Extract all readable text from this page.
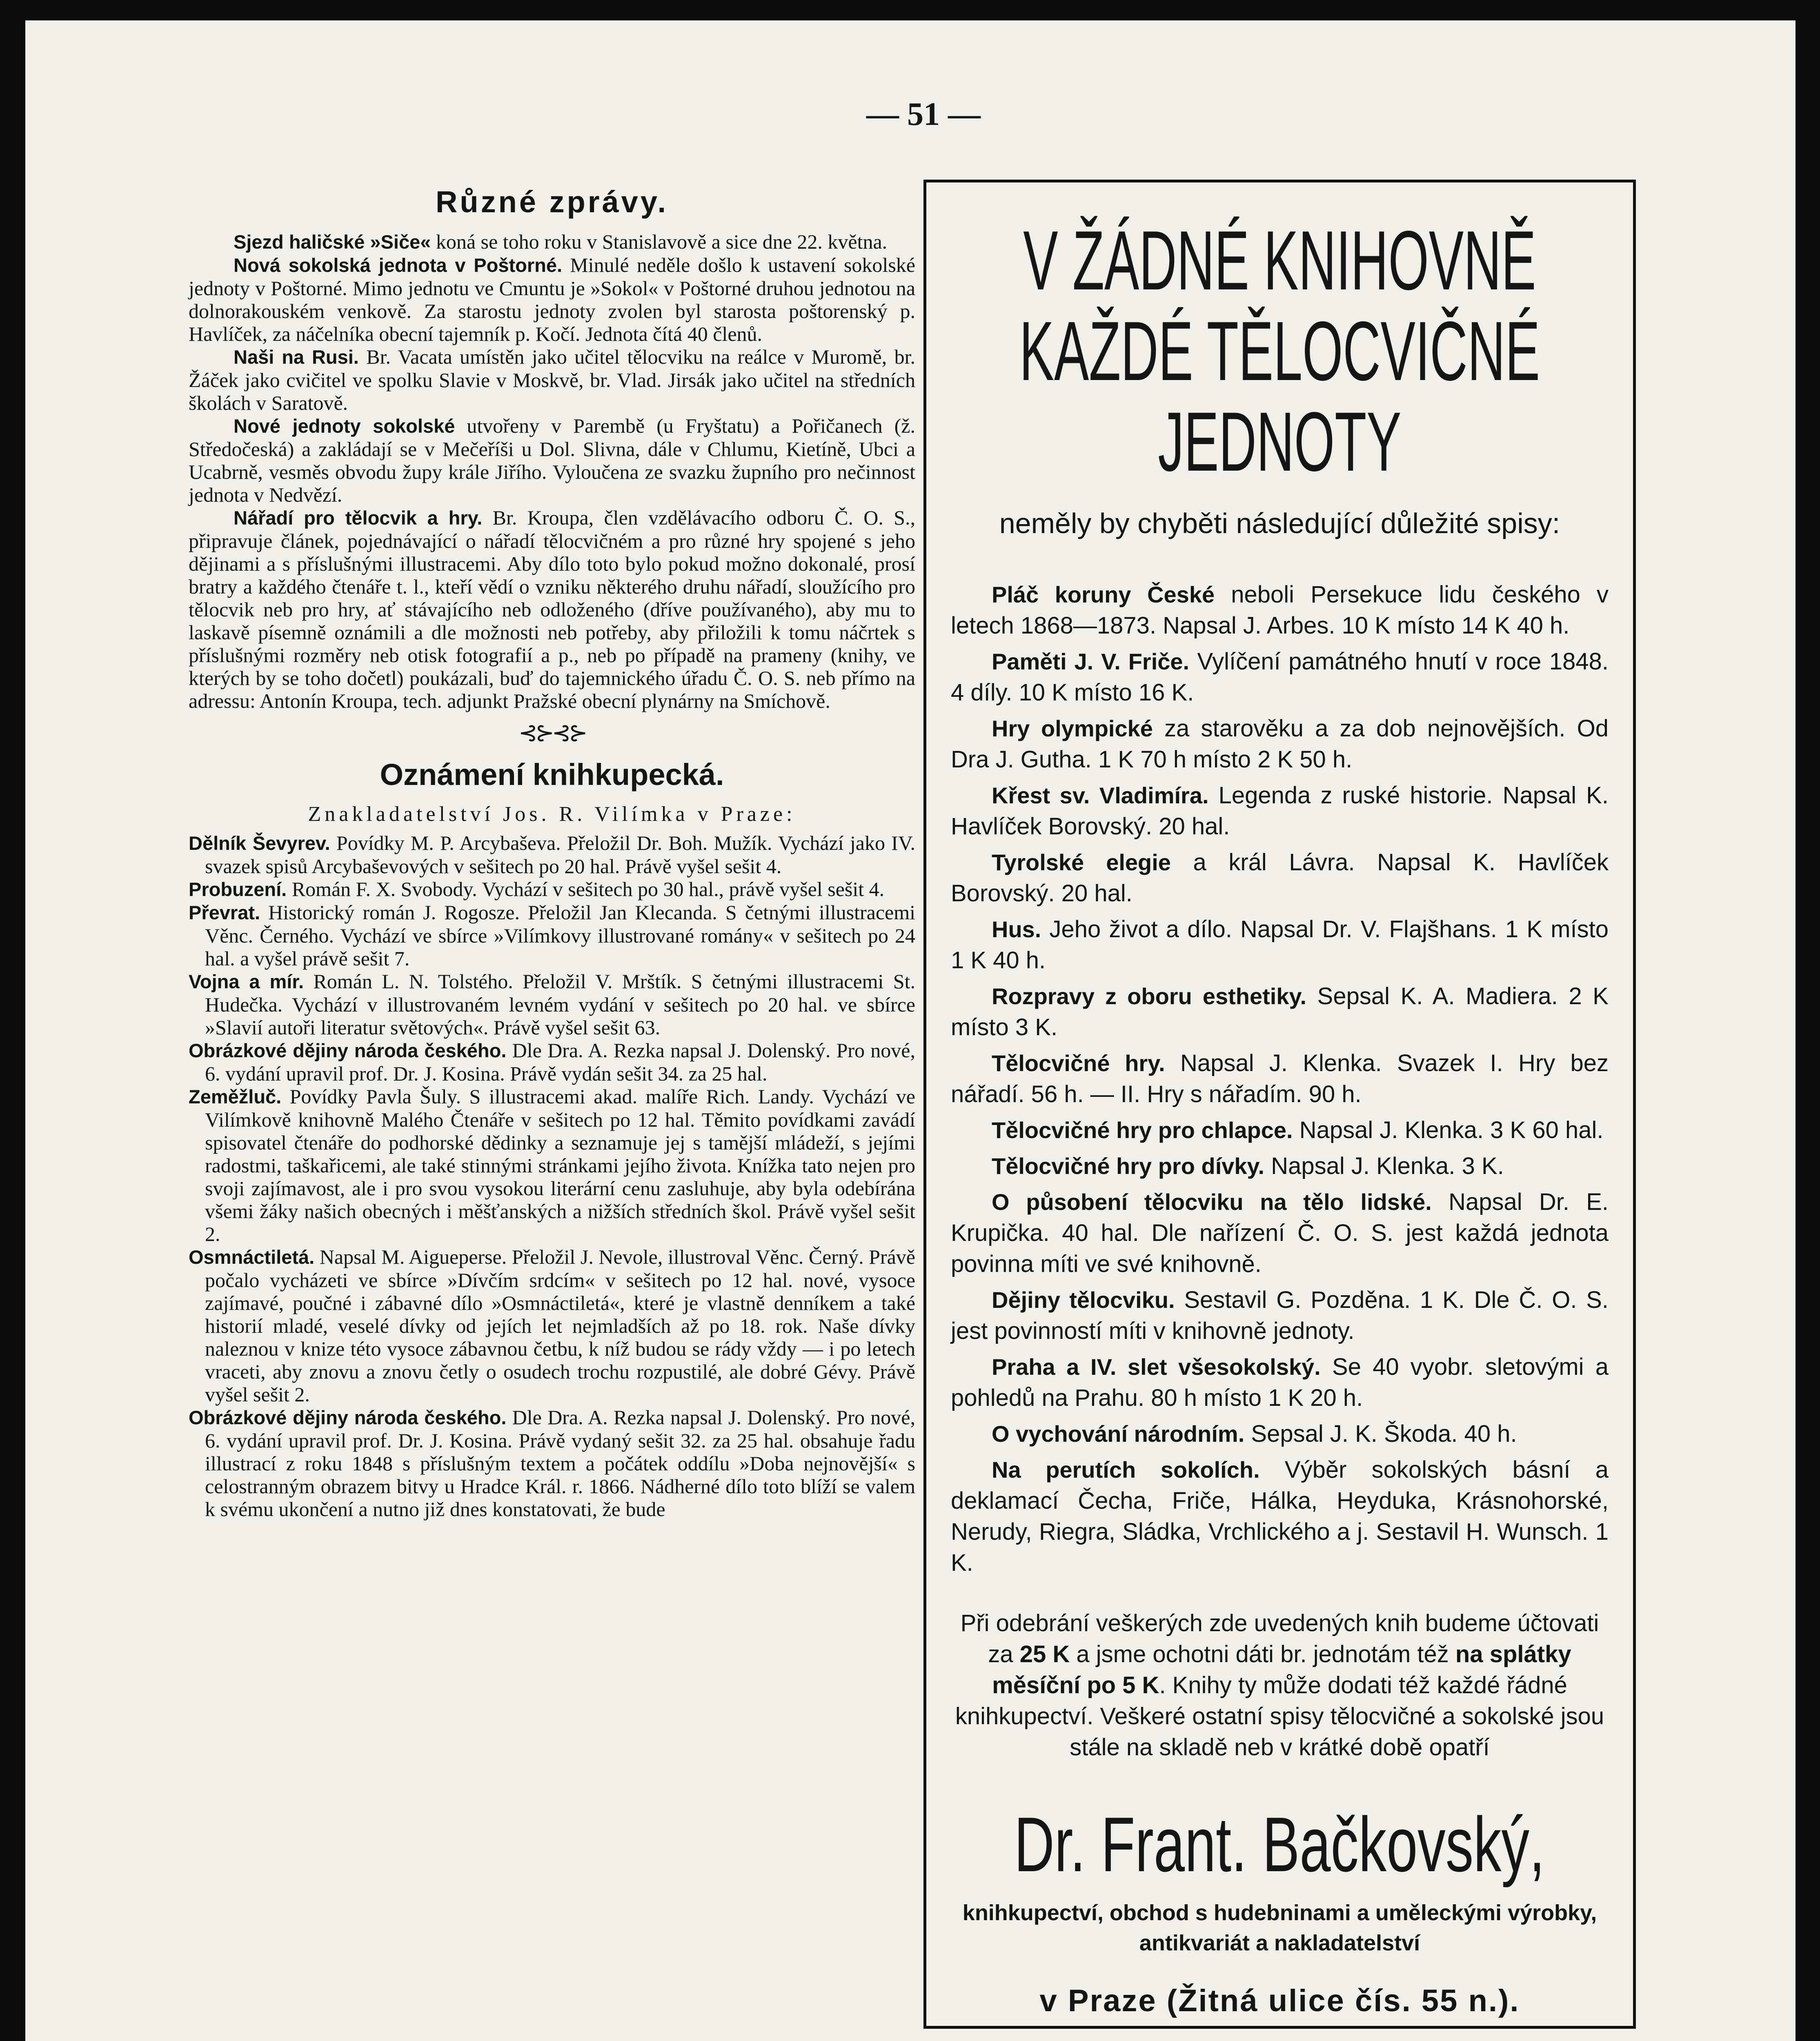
— 51 —
Různé zprávy.

Sjezd haličské »Siče« koná se toho roku v Stanislavově a sice dne 22. května.

Nová sokolská jednota v Poštorné. Minulé neděle došlo k ustavení sokolské jednoty v Poštorné. Mimo jednotu ve Cmuntu je »Sokol« v Poštorné druhou jednotou na dolnorakouském venkově. Za starostu jednoty zvolen byl starosta poštorenský p. Havlíček, za náčelníka obecní tajemník p. Kočí. Jednota čítá 40 členů.

Naši na Rusi. Br. Vacata umístěn jako učitel tělocviku na reálce v Muromě, br. Žáček jako cvičitel ve spolku Slavie v Moskvě, br. Vlad. Jirsák jako učitel na středních školách v Saratově.

Nové jednoty sokolské utvořeny v Parembě (u Fryštatu) a Pořičanech (ž. Středočeská) a zakládají se v Mečeříši u Dol. Slivna, dále v Chlumu, Kietíně, Ubci a Ucabrně, vesměs obvodu župy krále Jiřího. Vyloučena ze svazku župního pro nečinnost jednota v Nedvězí.

Nářadí pro tělocvik a hry. Br. Kroupa, člen vzdělávacího odboru Č. O. S., připravuje článek, pojednávající o nářadí tělocvičném a pro různé hry spojené s jeho dějinami a s příslušnými illustracemi. Aby dílo toto bylo pokud možno dokonalé, prosí bratry a každého čtenáře t. l., kteří vědí o vzniku některého druhu nářadí, sloužícího pro tělocvik neb pro hry, ať stávajícího neb odloženého (dříve používaného), aby mu to laskavě písemně oznámili a dle možnosti neb potřeby, aby přiložili k tomu náčrtek s příslušnými rozměry neb otisk fotografií a p., neb po případě na prameny (knihy, ve kterých by se toho dočetl) poukázali, buď do tajemnického úřadu Č. O. S. neb přímo na adressu: Antonín Kroupa, tech. adjunkt Pražské obecní plynárny na Smíchově.

⊰⊱⊰⊱
Oznámení knihkupecká.
Znakladatelství Jos. R. Vilímka v Praze:

Dělník Ševyrev. Povídky M. P. Arcybaševa. Přeložil Dr. Boh. Mužík. Vychází jako IV. svazek spisů Arcybaševových v sešitech po 20 hal. Právě vyšel sešit 4.

Probuzení. Román F. X. Svobody. Vychází v sešitech po 30 hal., právě vyšel sešit 4.

Převrat. Historický román J. Rogosze. Přeložil Jan Klecanda. S četnými illustracemi Věnc. Černého. Vychází ve sbírce »Vilímkovy illustrované romány« v sešitech po 24 hal. a vyšel právě sešit 7.

Vojna a mír. Román L. N. Tolstého. Přeložil V. Mrštík. S četnými illustracemi St. Hudečka. Vychází v illustrovaném levném vydání v sešitech po 20 hal. ve sbírce »Slavií autoři literatur světových«. Právě vyšel sešit 63.

Obrázkové dějiny národa českého. Dle Dra. A. Rezka napsal J. Dolenský. Pro nové, 6. vydání upravil prof. Dr. J. Kosina. Právě vydán sešit 34. za 25 hal.

Zeměžluč. Povídky Pavla Šuly. S illustracemi akad. malíře Rich. Landy. Vychází ve Vilímkově knihovně Malého Čtenáře v sešitech po 12 hal. Těmito povídkami zavádí spisovatel čtenáře do podhorské dědinky a seznamuje jej s tamější mládeží, s jejími radostmi, taškařicemi, ale také stinnými stránkami jejího života. Knížka tato nejen pro svoji zajímavost, ale i pro svou vysokou literární cenu zasluhuje, aby byla odebírána všemi žáky našich obecných i měšťanských a nižších středních škol. Právě vyšel sešit 2.

Osmnáctiletá. Napsal M. Aigueperse. Přeložil J. Nevole, illustroval Věnc. Černý. Právě počalo vycházeti ve sbírce »Dívčím srdcím« v sešitech po 12 hal. nové, vysoce zajímavé, poučné i zábavné dílo »Osmnáctiletá«, které je vlastně denníkem a také historií mladé, veselé dívky od jejích let nejmladších až po 18. rok. Naše dívky naleznou v knize této vysoce zábavnou četbu, k níž budou se rády vždy — i po letech vraceti, aby znovu a znovu četly o osudech trochu rozpustilé, ale dobré Gévy. Právě vyšel sešit 2.

Obrázkové dějiny národa českého. Dle Dra. A. Rezka napsal J. Dolenský. Pro nové, 6. vydání upravil prof. Dr. J. Kosina. Právě vydaný sešit 32. za 25 hal. obsahuje řadu illustrací z roku 1848 s příslušným textem a počátek oddílu »Doba nejnovější« s celostranným obrazem bitvy u Hradce Král. r. 1866. Nádherné dílo toto blíží se valem k svému ukončení a nutno již dnes konstatovati, že bude

V ŽÁDNÉ KNIHOVNĚ
KAŽDÉ TĚLOCVIČNÉ
JEDNOTY
neměly by chyběti následující důležité spisy:

Pláč koruny České neboli Persekuce lidu českého v letech 1868—1873. Napsal J. Arbes. 10 K místo 14 K 40 h.

Paměti J. V. Friče. Vylíčení památného hnutí v roce 1848. 4 díly. 10 K místo 16 K.

Hry olympické za starověku a za dob nejnovějších. Od Dra J. Gutha. 1 K 70 h místo 2 K 50 h.

Křest sv. Vladimíra. Legenda z ruské historie. Napsal K. Havlíček Borovský. 20 hal.

Tyrolské elegie a král Lávra. Napsal K. Havlíček Borovský. 20 hal.

Hus. Jeho život a dílo. Napsal Dr. V. Flajšhans. 1 K místo 1 K 40 h.

Rozpravy z oboru esthetiky. Sepsal K. A. Madiera. 2 K místo 3 K.

Tělocvičné hry. Napsal J. Klenka. Svazek I. Hry bez nářadí. 56 h. — II. Hry s nářadím. 90 h.

Tělocvičné hry pro chlapce. Napsal J. Klenka. 3 K 60 hal.

Tělocvičné hry pro dívky. Napsal J. Klenka. 3 K.

O působení tělocviku na tělo lidské. Napsal Dr. E. Krupička. 40 hal. Dle nařízení Č. O. S. jest každá jednota povinna míti ve své knihovně.

Dějiny tělocviku. Sestavil G. Pozděna. 1 K. Dle Č. O. S. jest povinností míti v knihovně jednoty.

Praha a IV. slet všesokolský. Se 40 vyobr. sletovými a pohledů na Prahu. 80 h místo 1 K 20 h.

O vychování národním. Sepsal J. K. Škoda. 40 h.

Na perutích sokolích. Výběr sokolských básní a deklamací Čecha, Friče, Hálka, Heyduka, Krásnohorské, Nerudy, Riegra, Sládka, Vrchlického a j. Sestavil H. Wunsch. 1 K.

Při odebrání veškerých zde uvedených knih budeme účtovati za 25 K a jsme ochotni dáti br. jednotám též na splátky měsíční po 5 K. Knihy ty může dodati též každé řádné knihkupectví. Veškeré ostatní spisy tělocvičné a sokolské jsou stále na skladě neb v krátké době opatří
Dr. Frant. Bačkovský,
knihkupectví, obchod s hudebninami a uměleckými výrobky, antikvariát a nakladatelství
v Praze (Žitná ulice čís. 55 n.).
